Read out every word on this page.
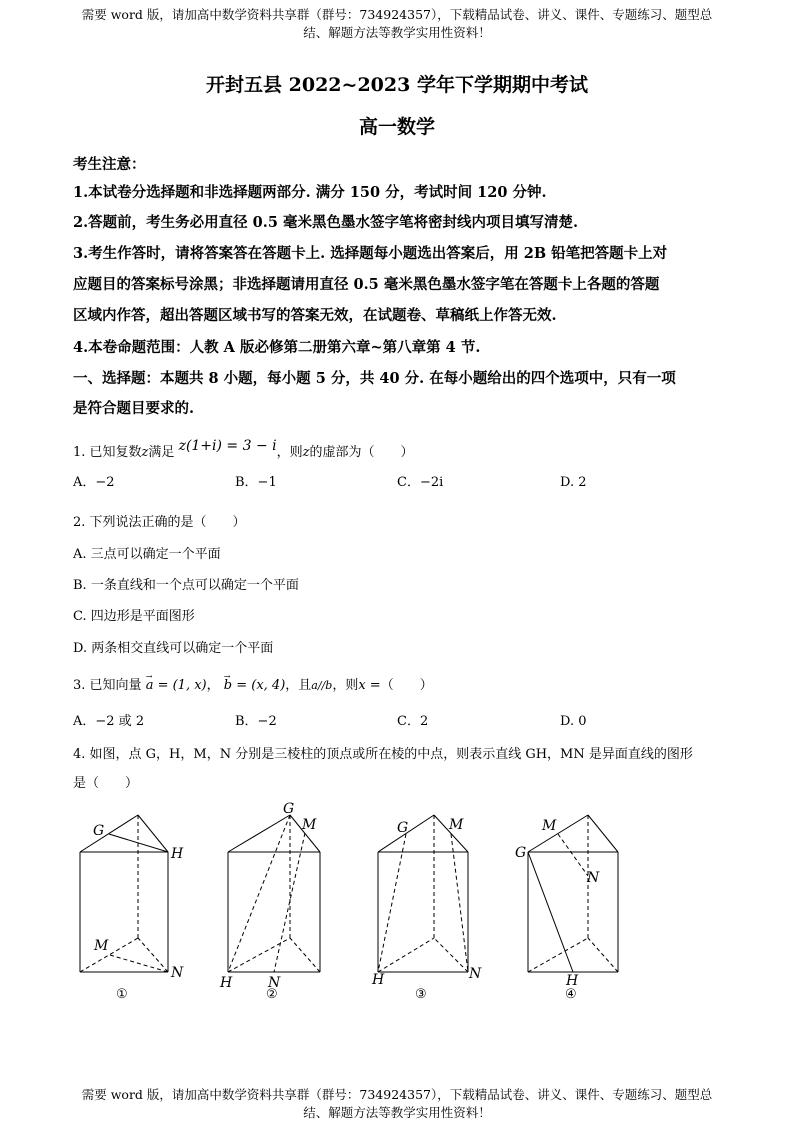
需要 word 版，请加高中数学资料共享群（群号：734924357），下载精品试卷、讲义、课件、专题练习、题型总
结、解题方法等教学实用性资料！
开封五县 2022~2023 学年下学期期中考试
高一数学
考生注意：
1.本试卷分选择题和非选择题两部分. 满分 150 分，考试时间 120 分钟.
2.答题前，考生务必用直径 0.5 毫米黑色墨水签字笔将密封线内项目填写清楚.
3.考生作答时，请将答案答在答题卡上. 选择题每小题选出答案后，用 2B 铅笔把答题卡上对
应题目的答案标号涂黑；非选择题请用直径 0.5 毫米黑色墨水签字笔在答题卡上各题的答题
区域内作答，超出答题区域书写的答案无效，在试题卷、草稿纸上作答无效.
4.本卷命题范围：人教 A 版必修第二册第六章~第八章第 4 节.
一、选择题：本题共 8 小题，每小题 5 分，共 40 分. 在每小题给出的四个选项中，只有一项
是符合题目要求的.
1. 已知复数z满足 z(1+i) = 3 − i，则z的虚部为（　　）
A．−2	B．−1	C．−2i	D. 2
2. 下列说法正确的是（　　）
A. 三点可以确定一个平面
B. 一条直线和一个点可以确定一个平面
C. 四边形是平面图形
D. 两条相交直线可以确定一个平面
3. 已知向量 → a = (1, x)， → b = (x, 4)，且a//b，则x =（　　）
A．−2 或 2	B．−2	C．2	D. 0
4. 如图，点 G，H，M，N 分别是三棱柱的顶点或所在棱的中点，则表示直线 GH，MN 是异面直线的图形
是（　　）
G
H
M
N
①
G
M
H	N
②
G	M
H	N
③
M
G
N
H
④
需要 word 版，请加高中数学资料共享群（群号：734924357），下载精品试卷、讲义、课件、专题练习、题型总
结、解题方法等教学实用性资料！
